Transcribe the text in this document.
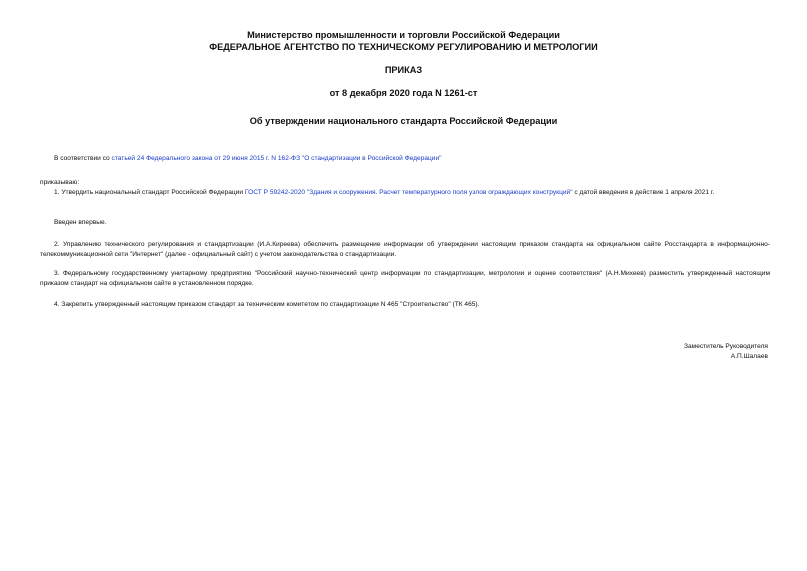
Министерство промышленности и торговли Российской Федерации
ФЕДЕРАЛЬНОЕ АГЕНТСТВО ПО ТЕХНИЧЕСКОМУ РЕГУЛИРОВАНИЮ И МЕТРОЛОГИИ
ПРИКАЗ
от 8 декабря 2020 года N 1261-ст
Об утверждении национального стандарта Российской Федерации
В соответствии со статьей 24 Федерального закона от 29 июня 2015 г. N 162-ФЗ "О стандартизации в Российской Федерации"
приказываю:
1. Утвердить национальный стандарт Российской Федерации ГОСТ Р 59242-2020 "Здания и сооружения. Расчет температурного поля узлов ограждающих конструкций" с датой введения в действие 1 апреля 2021 г.
Введен впервые.
2. Управлению технического регулирования и стандартизации (И.А.Киреева) обеспечить размещение информации об утверждении настоящим приказом стандарта на официальном сайте Росстандарта в информационно-телекоммуникационной сети "Интернет" (далее - официальный сайт) с учетом законодательства о стандартизации.
3. Федеральному государственному унитарному предприятию "Российский научно-технический центр информации по стандартизации, метрологии и оценке соответствия" (А.Н.Михеев) разместить утвержденный настоящим приказом стандарт на официальном сайте в установленном порядке.
4. Закрепить утвержденный настоящим приказом стандарт за техническим комитетом по стандартизации N 465 "Строительство" (ТК 465).
Заместитель Руководителя
А.П.Шалаев
